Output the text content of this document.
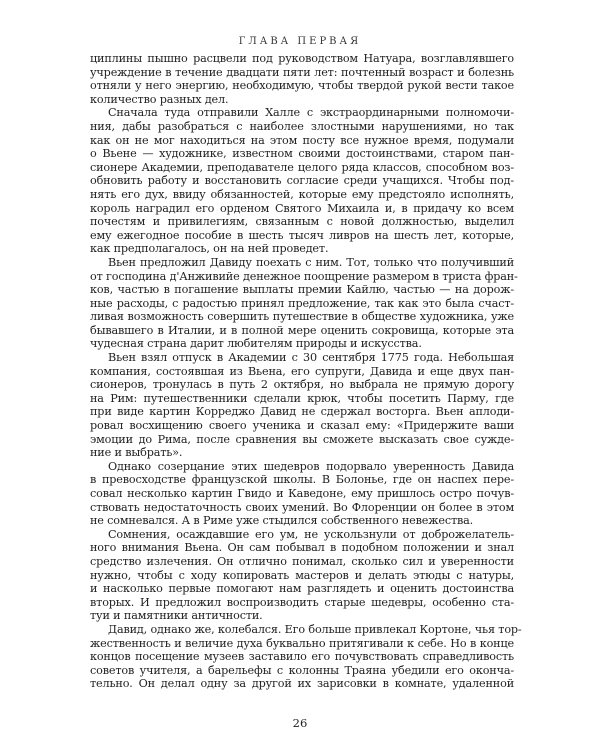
ГЛАВА ПЕРВАЯ
циплины пышно расцвели под руководством Натуара, возглавлявшего
учреждение в течение двадцати пяти лет: почтенный возраст и болезнь
отняли у него энергию, необходимую, чтобы твердой рукой вести такое
количество разных дел.
Сначала туда отправили Халле с экстраординарными полномочи-
ния, дабы разобраться с наиболее злостными нарушениями, но так
как он не мог находиться на этом посту все нужное время, подумали
о Вьене — художнике, известном своими достоинствами, старом пан-
сионере Академии, преподавателе целого ряда классов, способном воз-
обновить работу и восстановить согласие среди учащихся. Чтобы под-
нять его дух, ввиду обязанностей, которые ему предстояло исполнять,
король наградил его орденом Святого Михаила и, в придачу ко всем
почестям и привилегиям, связанным с новой должностью, выделил
ему ежегодное пособие в шесть тысяч ливров на шесть лет, которые,
как предполагалось, он на ней проведет.
Вьен предложил Давиду поехать с ним. Тот, только что получивший
от господина д'Анживийе денежное поощрение размером в триста фран-
ков, частью в погашение выплаты премии Кайлю, частью — на дорож-
ные расходы, с радостью принял предложение, так как это была счаст-
ливая возможность совершить путешествие в обществе художника, уже
бывавшего в Италии, и в полной мере оценить сокровища, которые эта
чудесная страна дарит любителям природы и искусства.
Вьен взял отпуск в Академии с 30 сентября 1775 года. Небольшая
компания, состоявшая из Вьена, его супруги, Давида и еще двух пан-
сионеров, тронулась в путь 2 октября, но выбрала не прямую дорогу
на Рим: путешественники сделали крюк, чтобы посетить Парму, где
при виде картин Корреджо Давид не сдержал восторга. Вьен аплоди-
ровал восхищению своего ученика и сказал ему: «Придержите ваши
эмоции до Рима, после сравнения вы сможете высказать свое сужде-
ние и выбрать».
Однако созерцание этих шедевров подорвало уверенность Давида
в превосходстве французской школы. В Болонье, где он наспех пере-
совал несколько картин Гвидо и Каведоне, ему пришлось остро почув-
ствовать недостаточность своих умений. Во Флоренции он более в этом
не сомневался. А в Риме уже стыдился собственного невежества.
Сомнения, осаждавшие его ум, не ускользнули от доброжелатель-
ного внимания Вьена. Он сам побывал в подобном положении и знал
средство излечения. Он отлично понимал, сколько сил и уверенности
нужно, чтобы с ходу копировать мастеров и делать этюды с натуры,
и насколько первые помогают нам разглядеть и оценить достоинства
вторых. И предложил воспроизводить старые шедевры, особенно ста-
туи и памятники античности.
Давид, однако же, колебался. Его больше привлекал Кортоне, чья тор-
жественность и величие духа буквально притягивали к себе. Но в конце
концов посещение музеев заставило его почувствовать справедливость
советов учителя, а барельефы с колонны Траяна убедили его оконча-
тельно. Он делал одну за другой их зарисовки в комнате, удаленной
26
